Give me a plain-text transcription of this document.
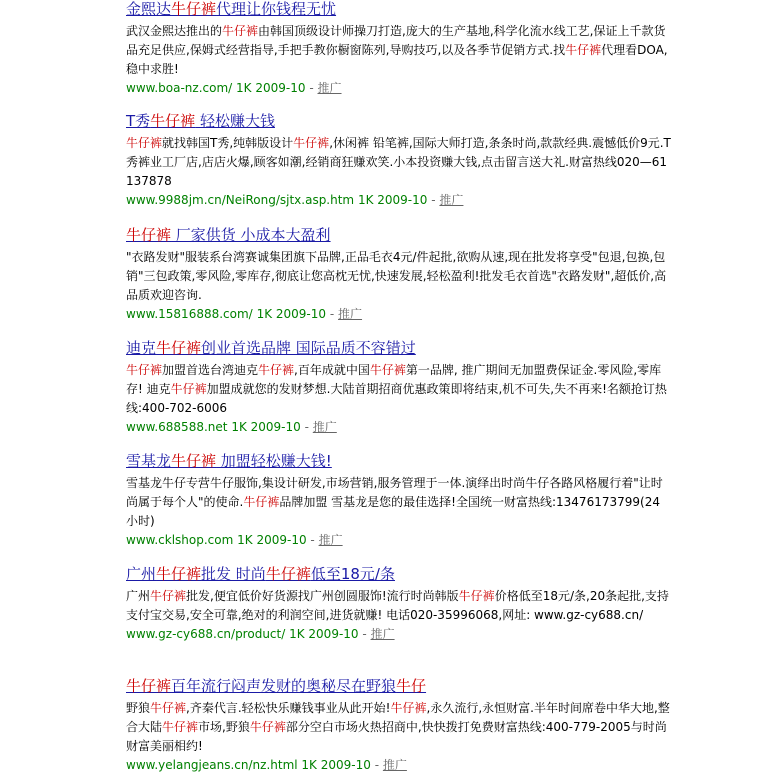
金熙达牛仔裤代理让你钱程无忧
武汉金熙达推出的牛仔裤由韩国顶级设计师操刀打造,庞大的生产基地,科学化流水线工艺,保证上千款货品充足供应,保姆式经营指导,手把手教你橱窗陈列,导购技巧,以及各季节促销方式.找牛仔裤代理看DOA,稳中求胜!
www.boa-nz.com/ 1K 2009-10 - 推广
T秀牛仔裤 轻松赚大钱
牛仔裤就找韩国T秀,纯韩版设计牛仔裤,休闲裤 铅笔裤,国际大师打造,条条时尚,款款经典.震憾低价9元.T秀裤业工厂店,店店火爆,顾客如潮,经销商狂赚欢笑.小本投资赚大钱,点击留言送大礼.财富热线020—61137878
www.9988jm.cn/NeiRong/sjtx.asp.htm 1K 2009-10 - 推广
牛仔裤 厂家供货 小成本大盈利
"衣路发财"服装系台湾赛诚集团旗下品牌,正品毛衣4元/件起批,欲购从速,现在批发将享受"包退,包换,包销"三包政策,零风险,零库存,彻底让您高枕无忧,快速发展,轻松盈利!批发毛衣首选"衣路发财",超低价,高品质欢迎咨询.
www.15816888.com/ 1K 2009-10 - 推广
迪克牛仔裤创业首选品牌 国际品质不容错过
牛仔裤加盟首选台湾迪克牛仔裤,百年成就中国牛仔裤第一品牌, 推广期间无加盟费保证金.零风险,零库存! 迪克牛仔裤加盟成就您的发财梦想.大陆首期招商优惠政策即将结束,机不可失,失不再来!名额抢订热线:400-702-6006
www.688588.net 1K 2009-10 - 推广
雪基龙牛仔裤 加盟轻松赚大钱!
雪基龙牛仔专营牛仔服饰,集设计研发,市场营销,服务管理于一体.演绎出时尚牛仔各路风格履行着"让时尚属于每个人"的使命.牛仔裤品牌加盟 雪基龙是您的最佳选择!全国统一财富热线:13476173799(24小时)
www.cklshop.com 1K 2009-10 - 推广
广州牛仔裤批发 时尚牛仔裤低至18元/条
广州牛仔裤批发,便宜低价好货源找广州创圆服饰!流行时尚韩版牛仔裤价格低至18元/条,20条起批,支持支付宝交易,安全可靠,绝对的利润空间,进货就赚! 电话020-35996068,网址: www.gz-cy688.cn/
www.gz-cy688.cn/product/ 1K 2009-10 - 推广
牛仔裤百年流行闷声发财的奥秘尽在野狼牛仔
野狼牛仔裤,齐秦代言.轻松快乐赚钱事业从此开始!牛仔裤,永久流行,永恒财富.半年时间席卷中华大地,整合大陆牛仔裤市场,野狼牛仔裤部分空白市场火热招商中,快快拨打免费财富热线:400-779-2005与时尚财富美丽相约!
www.yelangjeans.cn/nz.html 1K 2009-10 - 推广
